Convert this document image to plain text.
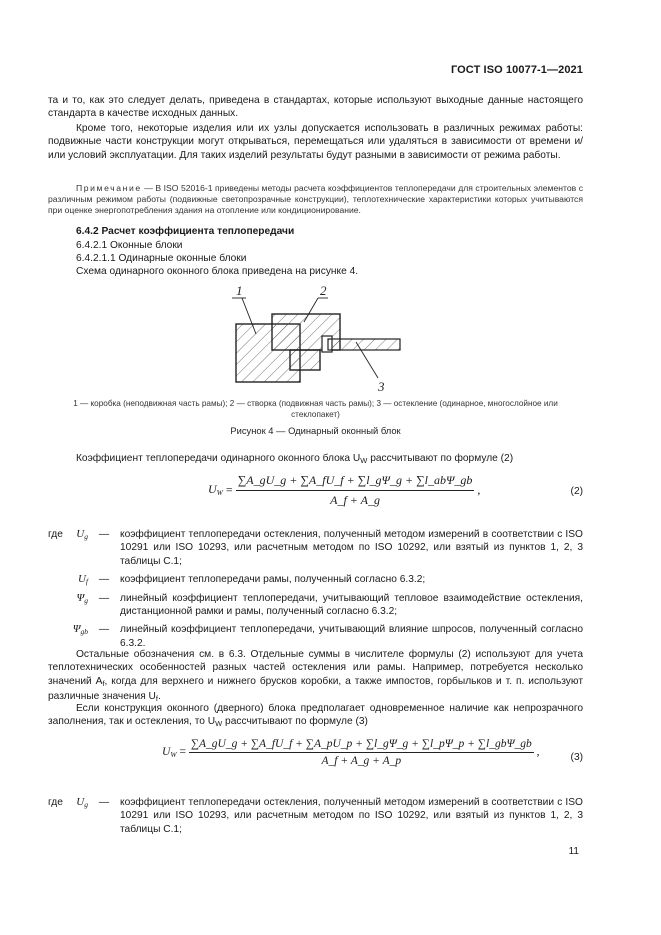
ГОСТ ISO 10077-1—2021
та и то, как это следует делать, приведена в стандартах, которые используют выходные данные настоящего стандарта в качестве исходных данных.
Кроме того, некоторые изделия или их узлы допускается использовать в различных режимах работы: подвижные части конструкции могут открываться, перемещаться или удаляться в зависимости от времени и/или условий эксплуатации. Для таких изделий результаты будут разными в зависимости от режима работы.
Примечание — В ISO 52016-1 приведены методы расчета коэффициентов теплопередачи для строительных элементов с различным режимом работы (подвижные светопрозрачные конструкции), теплотехнические характеристики которых учитываются при оценке энергопотребления здания на отопление или кондиционирование.
6.4.2 Расчет коэффициента теплопередачи
6.4.2.1 Оконные блоки
6.4.2.1.1 Одинарные оконные блоки
Схема одинарного оконного блока приведена на рисунке 4.
1	2
3
1 — коробка (неподвижная часть рамы); 2 — створка (подвижная часть рамы); 3 — остекление (одинарное, многослойное или стеклопакет)
Рисунок 4 — Одинарный оконный блок
Коэффициент теплопередачи одинарного оконного блока $U_W$ рассчитывают по формуле (2)
$U_W = \frac{\text{∑A\_gU\_g + ∑A\_fU\_f + ∑l\_gΨ\_g + ∑l\_abΨ\_gb}}{A\_f + A\_g}$ ,	(2)
где	$U_g$	—	коэффициент теплопередачи остекления, полученный методом измерений в соответствии с ISO 10291 или ISO 10293, или расчетным методом по ISO 10292, или взятый из пунктов 1, 2, 3 таблицы С.1;
$U_f$	—	коэффициент теплопередачи рамы, полученный согласно 6.3.2;
$\Psi_g$	—	линейный коэффициент теплопередачи, учитывающий тепловое взаимодействие остекления, дистанционной рамки и рамы, полученный согласно 6.3.2;
$\Psi_{gb}$	—	линейный коэффициент теплопередачи, учитывающий влияние шпросов, полученный согласно 6.3.2.
Остальные обозначения см. в 6.3. Отдельные суммы в числителе формулы (2) используют для учета теплотехнических особенностей разных частей остекления или рамы. Например, потребуется несколько значений $A_f$, когда для верхнего и нижнего брусков коробки, а также импостов, горбыльков и т. п. используют различные значения $U_f$.
Если конструкция оконного (дверного) блока предполагает одновременное наличие как непрозрачного заполнения, так и остекления, то $U_W$ рассчитывают по формуле (3)
$U_W = \frac{\text{∑A\_gU\_g + ∑A\_fU\_f + ∑A\_pU\_p + ∑l\_gΨ\_g + ∑l\_pΨ\_p + ∑l\_gbΨ\_gb}}{A\_f + A\_g + A\_p}$ ,	(3)
где	$U_g$	—	коэффициент теплопередачи остекления, полученный методом измерений в соответствии с ISO 10291 или ISO 10293, или расчетным методом по ISO 10292, или взятый из пунктов 1, 2, 3 таблицы С.1;
11
